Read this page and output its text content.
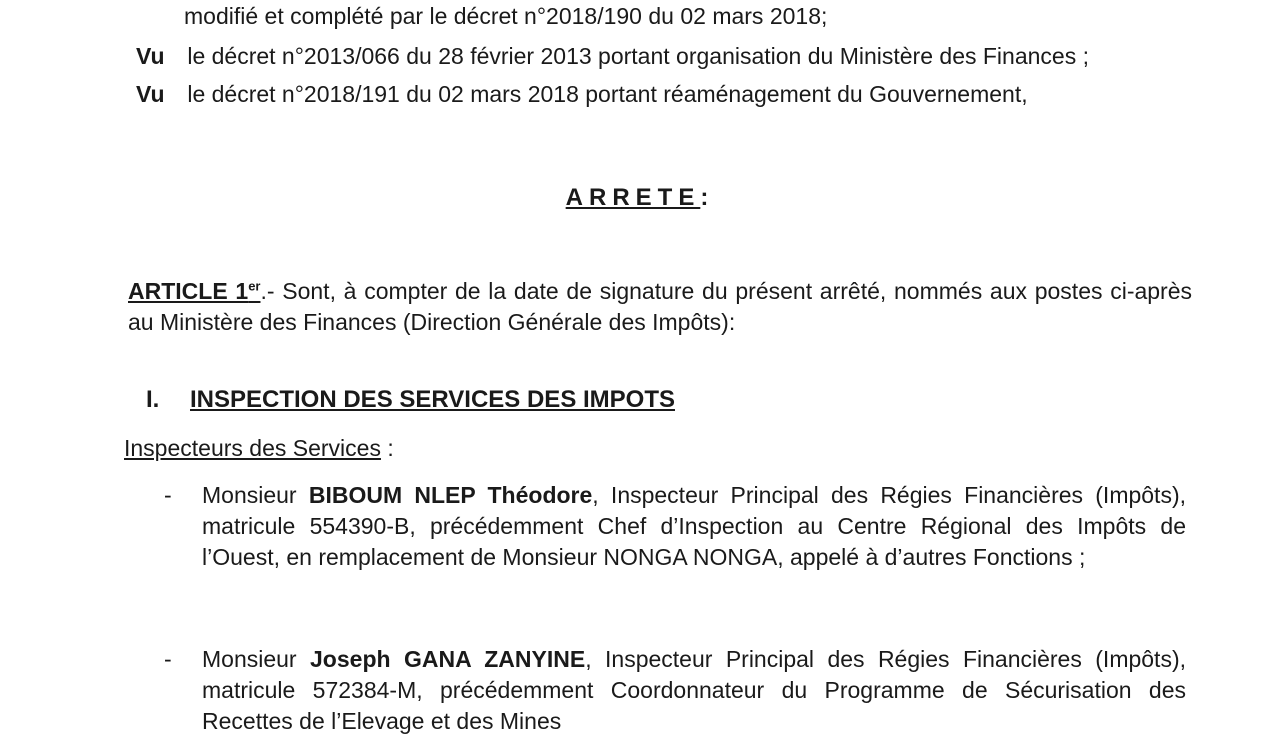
modifié et complété par le décret n°2018/190 du 02 mars 2018;
Vu le décret n°2013/066 du 28 février 2013 portant organisation du Ministère des Finances ;
Vu le décret n°2018/191 du 02 mars 2018 portant réaménagement du Gouvernement,
ARRETE:
ARTICLE 1er.- Sont, à compter de la date de signature du présent arrêté, nommés aux postes ci-après au Ministère des Finances (Direction Générale des Impôts):
I. INSPECTION DES SERVICES DES IMPOTS
Inspecteurs des Services :
- Monsieur BIBOUM NLEP Théodore, Inspecteur Principal des Régies Financières (Impôts), matricule 554390-B, précédemment Chef d’Inspection au Centre Régional des Impôts de l’Ouest, en remplacement de Monsieur NONGA NONGA, appelé à d’autres Fonctions ;
- Monsieur Joseph GANA ZANYINE, Inspecteur Principal des Régies Financières (Impôts), matricule 572384-M, précédemment Coordonnateur du Programme de Sécurisation des Recettes de l’Elevage et des Mines
